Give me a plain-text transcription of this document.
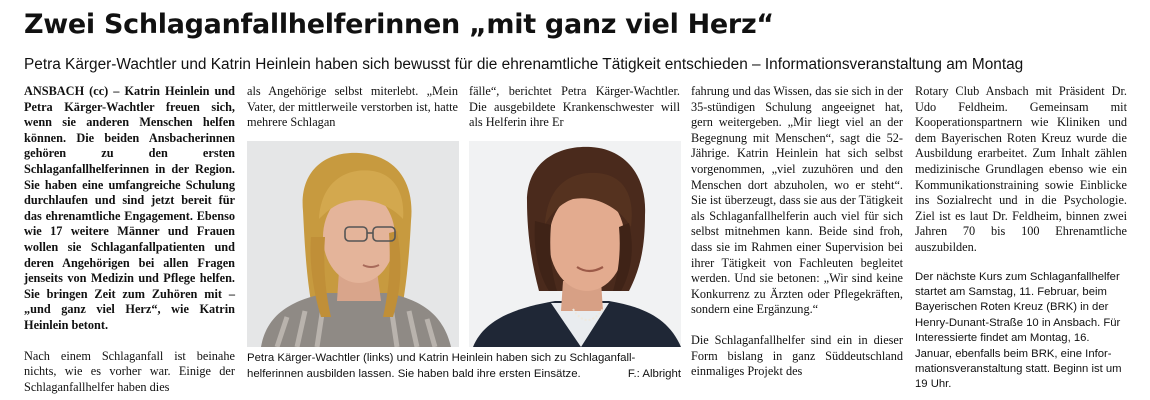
Zwei Schlaganfallhelferinnen „mit ganz viel Herz“

Petra Kärger-Wachtler und Katrin Heinlein haben sich bewusst für die ehrenamtliche Tätigkeit entschieden – Informationsveranstaltung am Montag

ANSBACH (cc) – Katrin Heinlein und Petra Kärger-Wachtler freuen sich, wenn sie anderen Menschen helfen können. Die beiden Ansbacherinnen gehören zu den ersten Schlaganfallhelferinnen in der Region. Sie haben eine umfangreiche Schulung durchlaufen und sind jetzt bereit für das ehrenamtliche Engagement. Ebenso wie 17 weitere Männer und Frauen wollen sie Schlaganfallpatienten und deren Angehörigen bei allen Fragen jenseits von Medizin und Pflege helfen. Sie bringen Zeit zum Zuhören mit – „und ganz viel Herz“, wie Katrin Heinlein betont.

Nach einem Schlaganfall ist beinahe nichts, wie es vorher war. Einige der Schlaganfallhelfer haben dies

als Angehörige selbst miterlebt. „Mein Vater, der mittlerweile verstorben ist, hatte mehrere Schlagan

fälle“, berichtet Petra Kärger-Wachtler. Die ausgebildete Krankenschwester will als Helferin ihre Er

Petra Kärger-Wachtler (links) und Katrin Heinlein haben sich zu Schlaganfallhelferinnen ausbilden lassen. Sie haben bald ihre ersten Einsätze.	F.: Albright

fahrung und das Wissen, das sie sich in der 35-stündigen Schulung angeeignet hat, gern weitergeben. „Mir liegt viel an der Begegnung mit Menschen“, sagt die 52-Jährige. Katrin Heinlein hat sich selbst vorgenommen, „viel zuzuhören und den Menschen dort abzuholen, wo er steht“. Sie ist überzeugt, dass sie aus der Tätigkeit als Schlaganfallhelferin auch viel für sich selbst mitnehmen kann. Beide sind froh, dass sie im Rahmen einer Supervision bei ihrer Tätigkeit von Fachleuten begleitet werden. Und sie betonen: „Wir sind keine Konkurrenz zu Ärzten oder Pflegekräften, sondern eine Ergänzung.“

Die Schlaganfallhelfer sind ein in dieser Form bislang in ganz Süddeutschland einmaliges Projekt des

Rotary Club Ansbach mit Präsident Dr. Udo Feldheim. Gemeinsam mit Kooperationspartnern wie Kliniken und dem Bayerischen Roten Kreuz wurde die Ausbildung erarbeitet. Zum Inhalt zählen medizinische Grundlagen ebenso wie ein Kommunikationstraining sowie Einblicke ins Sozialrecht und in die Psychologie. Ziel ist es laut Dr. Feldheim, binnen zwei Jahren 70 bis 100 Ehrenamtliche auszubilden.

Der nächste Kurs zum Schlaganfallhelfer startet am Samstag, 11. Februar, beim Bayerischen Roten Kreuz (BRK) in der Henry-Dunant-Straße 10 in Ansbach. Für Interessierte findet am Montag, 16. Januar, ebenfalls beim BRK, eine Informationsveranstaltung statt. Beginn ist um 19 Uhr.
